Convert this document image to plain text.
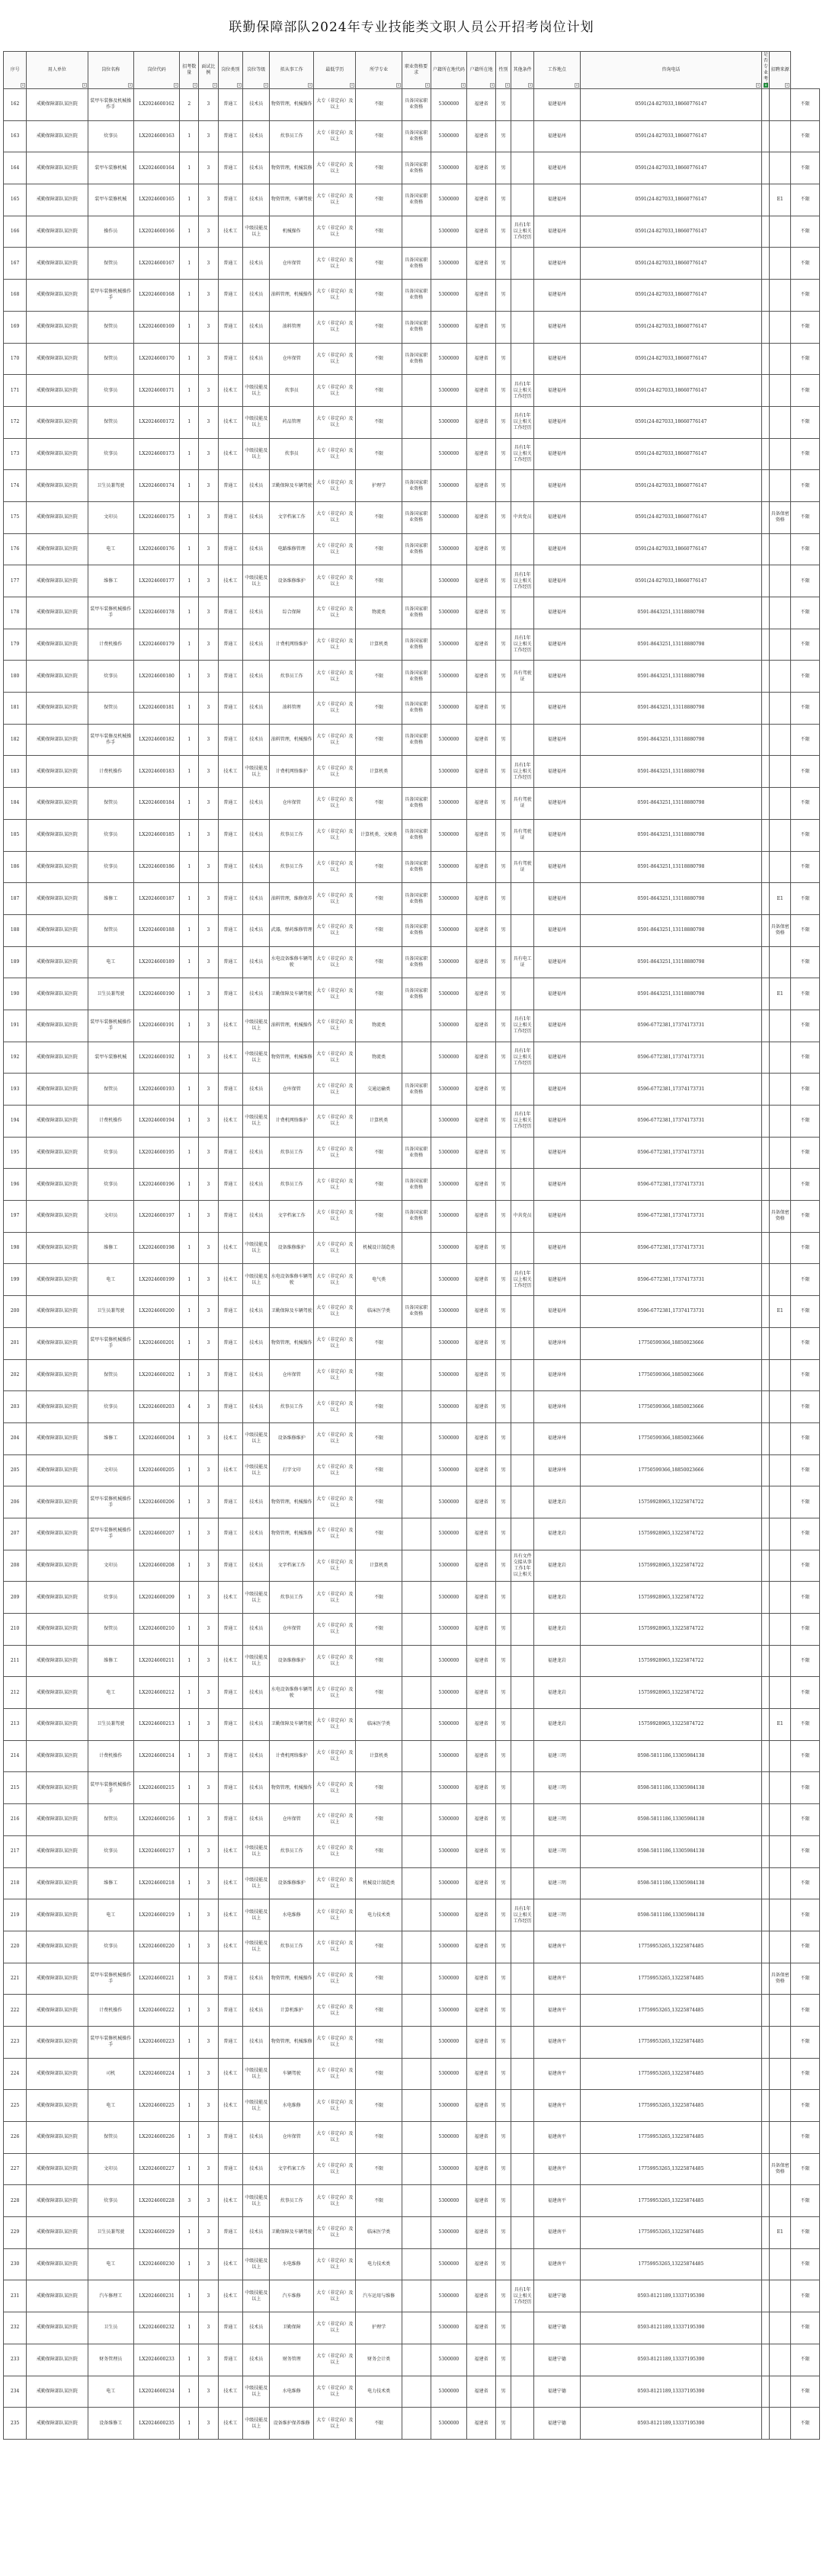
联勤保障部队2024年专业技能类文职人员公开招考岗位计划
序号	用人单位	岗位名称	岗位代码	招考数量	面试比例	岗位类别	岗位等级	拟从事工作	最低学历	所学专业	职业资格要求	户籍所在地代码	户籍所在地	性别	其他条件	工作地点	咨询电话	是否专业考	招聘来源	

162	戒勤保障部队某医院	装甲车装修及机械操作手	LX2024600162	2	3	普通工	技术员	物资管理，机械操作	大专（非定向）及以上	不限	具备国家职业资格	5300000	福建省	男		福建福州	0591(24-827033,18660776147			不限
163	戒勤保障部队某医院	炊事员	LX2024600163	1	3	普通工	技术员	炊事员工作	大专（非定向）及以上	不限	具备国家职业资格	5300000	福建省	男		福建福州	0591(24-827033,18660776147			不限
164	戒勤保障部队某医院	装甲车装修机械	LX2024600164	1	3	普通工	技术员	物资管理，机械装修	大专（非定向）及以上	不限	具备国家职业资格	5300000	福建省	男		福建福州	0591(24-827033,18660776147			不限
165	戒勤保障部队某医院	装甲车装修机械	LX2024600165	1	3	普通工	技术员	物资管理，车辆驾驶	大专（非定向）及以上	不限	具备国家职业资格	5300000	福建省	男		福建福州	0591(24-827033,18660776147		E1	不限
166	戒勤保障部队某医院	操作员	LX2024600166	1	3	技术工	中级技能及以上	机械操作	大专（非定向）及以上	不限		5300000	福建省	男	具有1年以上相关工作经历	福建福州	0591(24-827033,18660776147			不限
167	戒勤保障部队某医院	保管员	LX2024600167	1	3	普通工	技术员	仓库保管	大专（非定向）及以上	不限	具备国家职业资格	5300000	福建省	男		福建福州	0591(24-827033,18660776147			不限
168	戒勤保障部队某医院	装甲车装修机械操作手	LX2024600168	1	3	普通工	技术员	油料管理，机械操作	大专（非定向）及以上	不限	具备国家职业资格	5300000	福建省	男		福建福州	0591(24-827033,18660776147			不限
169	戒勤保障部队某医院	保管员	LX2024600169	1	3	普通工	技术员	油料管理	大专（非定向）及以上	不限	具备国家职业资格	5300000	福建省	男		福建福州	0591(24-827033,18660776147			不限
170	戒勤保障部队某医院	保管员	LX2024600170	1	3	普通工	技术员	仓库保管	大专（非定向）及以上	不限	具备国家职业资格	5300000	福建省	男		福建福州	0591(24-827033,18660776147			不限
171	戒勤保障部队某医院	炊事员	LX2024600171	1	3	技术工	中级技能及以上	炊事员	大专（非定向）及以上	不限		5300000	福建省	男	具有1年以上相关工作经历	福建福州	0591(24-827033,18660776147			不限
172	戒勤保障部队某医院	保管员	LX2024600172	1	3	技术工	中级技能及以上	药品管理	大专（非定向）及以上	不限		5300000	福建省	男	具有1年以上相关工作经历	福建福州	0591(24-827033,18660776147			不限
173	戒勤保障部队某医院	炊事员	LX2024600173	1	3	技术工	中级技能及以上	炊事员	大专（非定向）及以上	不限		5300000	福建省	男	具有1年以上相关工作经历	福建福州	0591(24-827033,18660776147			不限
174	戒勤保障部队某医院	卫生员兼驾驶	LX2024600174	1	3	普通工	技术员	卫勤保障及车辆驾驶	大专（非定向）及以上	护理学	具备国家职业资格	5300000	福建省	男		福建福州	0591(24-827033,18660776147			不限
175	戒勤保障部队某医院	文印员	LX2024600175	1	3	普通工	技术员	文字档案工作	大专（非定向）及以上	不限	具备国家职业资格	5300000	福建省	男	中共党员	福建福州	0591(24-827033,18660776147		具备保密资格	不限
176	戒勤保障部队某医院	电工	LX2024600176	1	3	普通工	技术员	电路维修管理	大专（非定向）及以上	不限	具备国家职业资格	5300000	福建省	男		福建福州	0591(24-827033,18660776147			不限
177	戒勤保障部队某医院	维修工	LX2024600177	1	3	技术工	中级技能及以上	设备维修维护	大专（非定向）及以上	不限		5300000	福建省	男	具有1年以上相关工作经历	福建福州	0591(24-827033,18660776147			不限
178	戒勤保障部队某医院	装甲车装修机械操作手	LX2024600178	1	3	普通工	技术员	综合保障	大专（非定向）及以上	物流类	具备国家职业资格	5300000	福建省	男		福建福州	0591-8643251,13118880798			不限
179	戒勤保障部队某医院	计费机操作	LX2024600179	1	3	普通工	技术员	计费机网络维护	大专（非定向）及以上	计算机类	具备国家职业资格	5300000	福建省	男	具有1年以上相关工作经历	福建福州	0591-8643251,13118880798			不限
180	戒勤保障部队某医院	炊事员	LX2024600180	1	3	普通工	技术员	炊事员工作	大专（非定向）及以上	不限	具备国家职业资格	5300000	福建省	男	具有驾驶证	福建福州	0591-8643251,13118880798			不限
181	戒勤保障部队某医院	保管员	LX2024600181	1	3	普通工	技术员	油料管理	大专（非定向）及以上	不限	具备国家职业资格	5300000	福建省	男		福建福州	0591-8643251,13118880798			不限
182	戒勤保障部队某医院	装甲车装修及机械操作手	LX2024600182	1	3	普通工	技术员	油料管理，机械操作	大专（非定向）及以上	不限	具备国家职业资格	5300000	福建省	男		福建福州	0591-8643251,13118880798			不限
183	戒勤保障部队某医院	计费机操作	LX2024600183	1	3	技术工	中级技能及以上	计费机网络维护	大专（非定向）及以上	计算机类		5300000	福建省	男	具有1年以上相关工作经历	福建福州	0591-8643251,13118880798			不限
184	戒勤保障部队某医院	保管员	LX2024600184	1	3	普通工	技术员	仓库保管	大专（非定向）及以上	不限	具备国家职业资格	5300000	福建省	男	具有驾驶证	福建福州	0591-8643251,13118880798			不限
185	戒勤保障部队某医院	炊事员	LX2024600185	1	3	普通工	技术员	炊事员工作	大专（非定向）及以上	计算机类、文秘类	具备国家职业资格	5300000	福建省	男	具有驾驶证	福建福州	0591-8643251,13118880798			不限
186	戒勤保障部队某医院	炊事员	LX2024600186	1	3	普通工	技术员	炊事员工作	大专（非定向）及以上	不限	具备国家职业资格	5300000	福建省	男	具有驾驶证	福建福州	0591-8643251,13118880798			不限
187	戒勤保障部队某医院	维修工	LX2024600187	1	3	普通工	技术员	油料管理，维修保养	大专（非定向）及以上	不限	具备国家职业资格	5300000	福建省	男		福建福州	0591-8643251,13118880798		E1	不限
188	戒勤保障部队某医院	保管员	LX2024600188	1	3	普通工	技术员	武器，弹药维修管理	大专（非定向）及以上	不限	具备国家职业资格	5300000	福建省	男		福建福州	0591-8643251,13118880798		具备保密资格	不限
189	戒勤保障部队某医院	电工	LX2024600189	1	3	普通工	技术员	水电设备维修车辆驾驶	大专（非定向）及以上	不限	具备国家职业资格	5300000	福建省	男	具有电工证	福建福州	0591-8643251,13118880798			不限
190	戒勤保障部队某医院	卫生员兼驾驶	LX2024600190	1	3	普通工	技术员	卫勤保障及车辆驾驶	大专（非定向）及以上	不限	具备国家职业资格	5300000	福建省	男		福建福州	0591-8643251,13118880798		E1	不限
191	戒勤保障部队某医院	装甲车装修机械操作手	LX2024600191	1	3	技术工	中级技能及以上	油料管理，机械操作	大专（非定向）及以上	物流类		5300000	福建省	男	具有1年以上相关工作经历	福建福州	0596-6772381,17374173731			不限
192	戒勤保障部队某医院	装甲车装修机械	LX2024600192	1	3	技术工	中级技能及以上	物资管理，机械维修	大专（非定向）及以上	物流类		5300000	福建省	男	具有1年以上相关工作经历	福建福州	0596-6772381,17374173731			不限
193	戒勤保障部队某医院	保管员	LX2024600193	1	3	普通工	技术员	仓库保管	大专（非定向）及以上	交通运输类	具备国家职业资格	5300000	福建省	男		福建福州	0596-6772381,17374173731			不限
194	戒勤保障部队某医院	计费机操作	LX2024600194	1	3	技术工	中级技能及以上	计费机网络维护	大专（非定向）及以上	计算机类		5300000	福建省	男	具有1年以上相关工作经历	福建福州	0596-6772381,17374173731			不限
195	戒勤保障部队某医院	炊事员	LX2024600195	1	3	普通工	技术员	炊事员工作	大专（非定向）及以上	不限	具备国家职业资格	5300000	福建省	男		福建福州	0596-6772381,17374173731			不限
196	戒勤保障部队某医院	炊事员	LX2024600196	1	3	普通工	技术员	炊事员工作	大专（非定向）及以上	不限	具备国家职业资格	5300000	福建省	男		福建福州	0596-6772381,17374173731			不限
197	戒勤保障部队某医院	文印员	LX2024600197	1	3	普通工	技术员	文字档案工作	大专（非定向）及以上	不限	具备国家职业资格	5300000	福建省	男	中共党员	福建福州	0596-6772381,17374173731		具备保密资格	不限
198	戒勤保障部队某医院	维修工	LX2024600198	1	3	技术工	中级技能及以上	设备维修维护	大专（非定向）及以上	机械设计制造类		5300000	福建省	男		福建福州	0596-6772381,17374173731			不限
199	戒勤保障部队某医院	电工	LX2024600199	1	3	技术工	中级技能及以上	水电设备维修车辆驾驶	大专（非定向）及以上	电气类		5300000	福建省	男	具有1年以上相关工作经历	福建福州	0596-6772381,17374173731			不限
200	戒勤保障部队某医院	卫生员兼驾驶	LX2024600200	1	3	普通工	技术员	卫勤保障及车辆驾驶	大专（非定向）及以上	临床医学类	具备国家职业资格	5300000	福建省	男		福建福州	0596-6772381,17374173731		E1	不限
201	戒勤保障部队某医院	装甲车装修机械操作手	LX2024600201	1	3	普通工	技术员	物资管理，机械操作	大专（非定向）及以上	不限		5300000	福建省	男		福建漳州	17750599366,18850023666			不限
202	戒勤保障部队某医院	保管员	LX2024600202	1	3	普通工	技术员	仓库保管	大专（非定向）及以上	不限		5300000	福建省	男		福建漳州	17750599366,18850023666			不限
203	戒勤保障部队某医院	炊事员	LX2024600203	4	3	普通工	技术员	炊事员工作	大专（非定向）及以上	不限		5300000	福建省	男		福建漳州	17750599366,18850023666			不限
204	戒勤保障部队某医院	维修工	LX2024600204	1	3	技术工	中级技能及以上	设备维修维护	大专（非定向）及以上	不限		5300000	福建省	男		福建漳州	17750599366,18850023666			不限
205	戒勤保障部队某医院	文印员	LX2024600205	1	3	技术工	中级技能及以上	打字文印	大专（非定向）及以上	不限		5300000	福建省	男		福建漳州	17750599366,18850023666			不限
206	戒勤保障部队某医院	装甲车装修机械操作手	LX2024600206	1	3	普通工	技术员	物资管理，机械操作	大专（非定向）及以上	不限		5300000	福建省	男		福建龙岩	15759928965,13225874722			不限
207	戒勤保障部队某医院	装甲车装修机械操作手	LX2024600207	1	3	普通工	技术员	物资管理，机械维修	大专（非定向）及以上	不限		5300000	福建省	男		福建龙岩	15759928965,13225874722			不限
208	戒勤保障部队某医院	文印员	LX2024600208	1	3	普通工	技术员	文字档案工作	大专（非定向）及以上	计算机类		5300000	福建省	男	具有文件交接从事工作1年以上相关	福建龙岩	15759928965,13225874722			不限
209	戒勤保障部队某医院	炊事员	LX2024600209	1	3	技术工	中级技能及以上	炊事员工作	大专（非定向）及以上	不限		5300000	福建省	男		福建龙岩	15759928965,13225874722			不限
210	戒勤保障部队某医院	保管员	LX2024600210	1	3	普通工	技术员	仓库保管	大专（非定向）及以上	不限		5300000	福建省	男		福建龙岩	15759928965,13225874722			不限
211	戒勤保障部队某医院	维修工	LX2024600211	1	3	技术工	中级技能及以上	设备维修维护	大专（非定向）及以上	不限		5300000	福建省	男		福建龙岩	15759928965,13225874722			不限
212	戒勤保障部队某医院	电工	LX2024600212	1	3	普通工	技术员	水电设备维修车辆驾驶	大专（非定向）及以上	不限		5300000	福建省	男		福建龙岩	15759928965,13225874722			不限
213	戒勤保障部队某医院	卫生员兼驾驶	LX2024600213	1	3	普通工	技术员	卫勤保障及车辆驾驶	大专（非定向）及以上	临床医学类		5300000	福建省	男		福建龙岩	15759928965,13225874722		E1	不限
214	戒勤保障部队某医院	计费机操作	LX2024600214	1	3	普通工	技术员	计费机网络维护	大专（非定向）及以上	计算机类		5300000	福建省	男		福建三明	0598-5811186,13305984138			不限
215	戒勤保障部队某医院	装甲车装修机械操作手	LX2024600215	1	3	普通工	技术员	物资管理，机械操作	大专（非定向）及以上	不限		5300000	福建省	男		福建三明	0598-5811186,13305984138			不限
216	戒勤保障部队某医院	保管员	LX2024600216	1	3	普通工	技术员	仓库保管	大专（非定向）及以上	不限		5300000	福建省	男		福建三明	0598-5811186,13305984138			不限
217	戒勤保障部队某医院	炊事员	LX2024600217	1	3	技术工	中级技能及以上	炊事员工作	大专（非定向）及以上	不限		5300000	福建省	男		福建三明	0598-5811186,13305984138			不限
218	戒勤保障部队某医院	维修工	LX2024600218	1	3	技术工	中级技能及以上	设备维修维护	大专（非定向）及以上	机械设计制造类		5300000	福建省	男		福建三明	0598-5811186,13305984138			不限
219	戒勤保障部队某医院	电工	LX2024600219	1	3	技术工	中级技能及以上	水电维修	大专（非定向）及以上	电力技术类		5300000	福建省	男	具有1年以上相关工作经历	福建三明	0598-5811186,13305984138			不限
220	戒勤保障部队某医院	炊事员	LX2024600220	1	3	技术工	中级技能及以上	炊事员工作	大专（非定向）及以上	不限		5300000	福建省	男		福建南平	17759953265,13225874485			不限
221	戒勤保障部队某医院	装甲车装修机械操作手	LX2024600221	1	3	普通工	技术员	物资管理，机械操作	大专（非定向）及以上	不限		5300000	福建省	男		福建南平	17759953265,13225874485		具备保密资格	不限
222	戒勤保障部队某医院	计费机操作	LX2024600222	1	3	普通工	技术员	计算机维护	大专（非定向）及以上	不限		5300000	福建省	男		福建南平	17759953265,13225874485			不限
223	戒勤保障部队某医院	装甲车装修机械操作手	LX2024600223	1	3	普通工	技术员	物资管理，机械维修	大专（非定向）及以上	不限		5300000	福建省	男		福建南平	17759953265,13225874485			不限
224	戒勤保障部队某医院	司机	LX2024600224	1	3	技术工	中级技能及以上	车辆驾驶	大专（非定向）及以上	不限		5300000	福建省	男		福建南平	17759953265,13225874485			不限
225	戒勤保障部队某医院	电工	LX2024600225	1	3	技术工	中级技能及以上	水电维修	大专（非定向）及以上	不限		5300000	福建省	男		福建南平	17759953265,13225874485			不限
226	戒勤保障部队某医院	保管员	LX2024600226	1	3	普通工	技术员	仓库保管	大专（非定向）及以上	不限		5300000	福建省	男		福建南平	17759953265,13225874485			不限
227	戒勤保障部队某医院	文印员	LX2024600227	1	3	普通工	技术员	文字档案工作	大专（非定向）及以上	不限		5300000	福建省	男		福建南平	17759953265,13225874485		具备保密资格	不限
228	戒勤保障部队某医院	炊事员	LX2024600228	3	3	技术工	中级技能及以上	炊事员工作	大专（非定向）及以上	不限		5300000	福建省	男		福建南平	17759953265,13225874485			不限
229	戒勤保障部队某医院	卫生员兼驾驶	LX2024600229	1	3	普通工	技术员	卫勤保障及车辆驾驶	大专（非定向）及以上	临床医学类		5300000	福建省	男		福建南平	17759953265,13225874485		E1	不限
230	戒勤保障部队某医院	电工	LX2024600230	1	3	技术工	中级技能及以上	水电维修	大专（非定向）及以上	电力技术类		5300000	福建省	男		福建南平	17759953265,13225874485			不限
231	戒勤保障部队某医院	汽车修理工	LX2024600231	1	3	技术工	中级技能及以上	汽车维修	大专（非定向）及以上	汽车运用与维修		5300000	福建省	男	具有1年以上相关工作经历	福建宁德	0593-8121189,13337195390			不限
232	戒勤保障部队某医院	卫生员	LX2024600232	1	3	普通工	技术员	卫勤保障	大专（非定向）及以上	护理学		5300000	福建省	男		福建宁德	0593-8121189,13337195390			不限
233	戒勤保障部队某医院	财务管理员	LX2024600233	1	3	普通工	技术员	财务管理	大专（非定向）及以上	财务会计类		5300000	福建省	男		福建宁德	0593-8121189,13337195390			不限
234	戒勤保障部队某医院	电工	LX2024600234	1	3	技术工	中级技能及以上	水电维修	大专（非定向）及以上	电力技术类		5300000	福建省	男		福建宁德	0593-8121189,13337195390			不限
235	戒勤保障部队某医院	设备维修工	LX2024600235	1	3	技术工	中级技能及以上	设备维护保养维修	大专（非定向）及以上	不限		5300000	福建省	男		福建宁德	0593-8121189,13337195390			不限
